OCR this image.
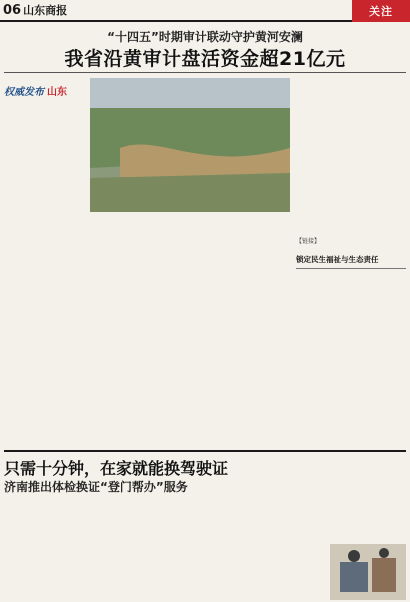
06 山东商报	关注
“十四五”时期审计联动守护黄河安澜
我省沿黄审计盘活资金超21亿元
权威发布 山东
【链接】
锁定民生福祉与生态责任
只需十分钟，在家就能换驾驶证
济南推出体检换证“登门帮办”服务
